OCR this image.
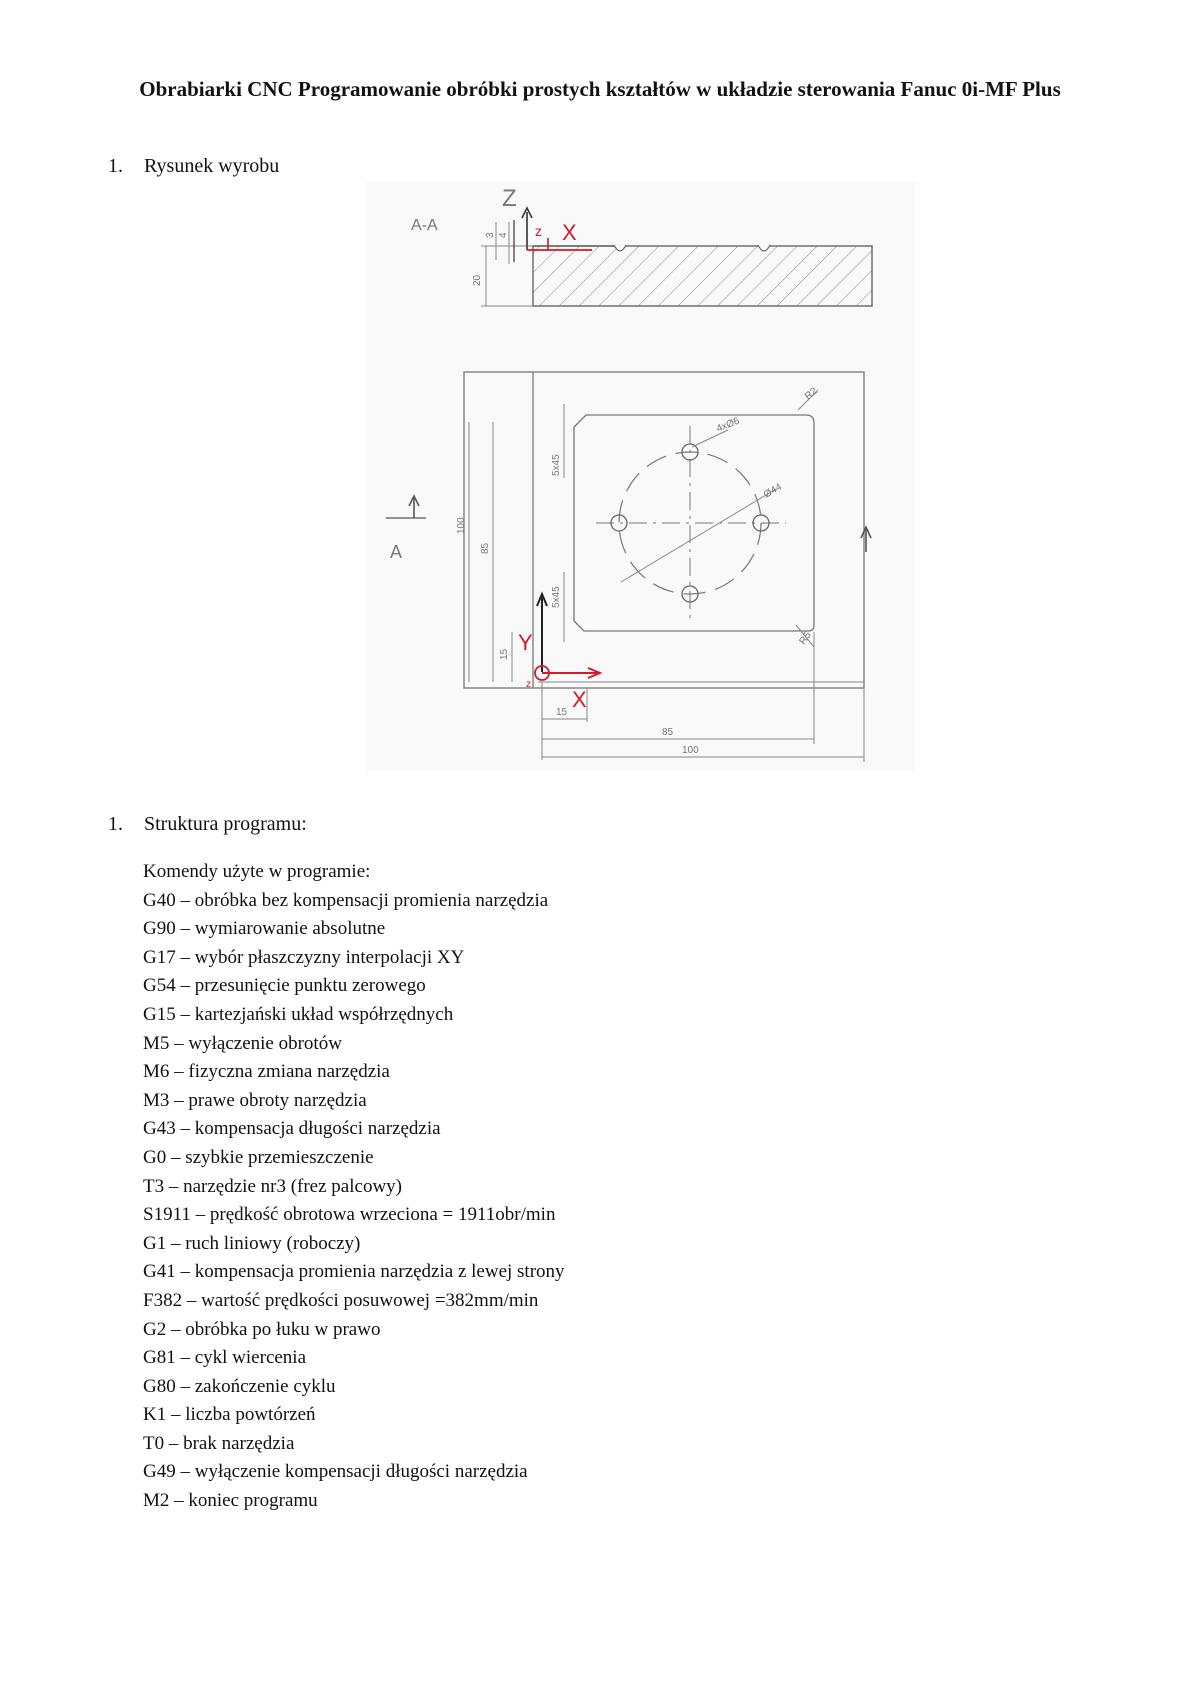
Obrabiarki CNC Programowanie obróbki prostych kształtów w układzie sterowania Fanuc 0i-MF Plus
1. Rysunek wyrobu
A-A
20
3 4
Z
z X
4xØ6
Ø44
R2
R5
5x45
5x45
100
85
15
A
Y
z
X
15
85
100
1. Struktura programu:
Komendy użyte w programie:
G40 – obróbka bez kompensacji promienia narzędzia
G90 – wymiarowanie absolutne
G17 – wybór płaszczyzny interpolacji XY
G54 – przesunięcie punktu zerowego
G15 – kartezjański układ współrzędnych
M5 – wyłączenie obrotów
M6 – fizyczna zmiana narzędzia
M3 – prawe obroty narzędzia
G43 – kompensacja długości narzędzia
G0 – szybkie przemieszczenie
T3 – narzędzie nr3 (frez palcowy)
S1911 – prędkość obrotowa wrzeciona = 1911obr/min
G1 – ruch liniowy (roboczy)
G41 – kompensacja promienia narzędzia z lewej strony
F382 – wartość prędkości posuwowej =382mm/min
G2 – obróbka po łuku w prawo
G81 – cykl wiercenia
G80 – zakończenie cyklu
K1 – liczba powtórzeń
T0 – brak narzędzia
G49 – wyłączenie kompensacji długości narzędzia
M2 – koniec programu
